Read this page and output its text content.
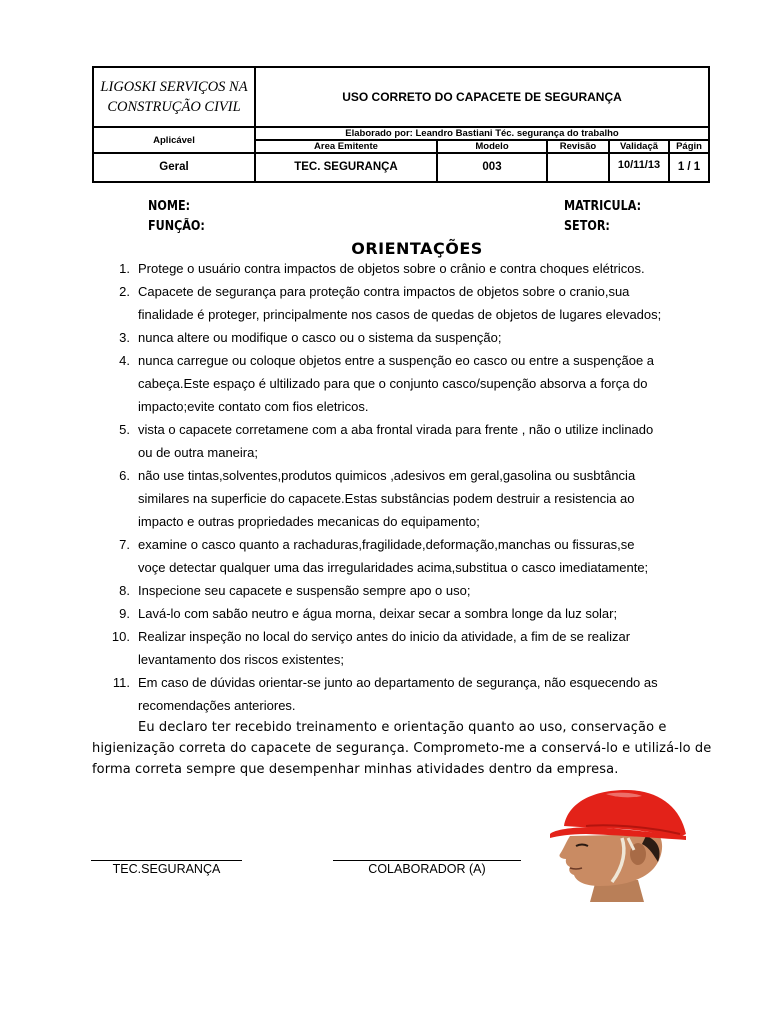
LIGOSKI SERVIÇOS NA CONSTRUÇÃO CIVIL	USO CORRETO DO CAPACETE DE SEGURANÇA				
Aplicável	Elaborado por: Leandro Bastiani Téc. segurança do trabalho				
	Area Emitente	Modelo	Revisão	Validaçã	Págin
Geral	TEC. SEGURANÇA	003		10/11/13	1 / 1
NOME:
FUNÇÃO:
MATRICULA:
SETOR:
ORIENTAÇÕES
1. Protege o usuário contra impactos de objetos sobre o crânio e contra choques elétricos.
2. Capacete de segurança para proteção contra impactos de objetos sobre o cranio,sua
finalidade é proteger, principalmente nos casos de quedas de objetos de lugares elevados;
3. nunca altere ou modifique o casco ou o sistema da suspenção;
4. nunca carregue ou coloque objetos entre a suspenção eo casco ou entre a suspençãoe a
cabeça.Este espaço é ultilizado para que o conjunto casco/supenção absorva a força do
impacto;evite contato com fios eletricos.
5. vista o capacete corretamene com a aba frontal virada para frente , não o utilize inclinado
ou de outra maneira;
6. não use tintas,solventes,produtos quimicos ,adesivos em geral,gasolina ou susbtância
similares na superficie do capacete.Estas substâncias podem destruir a resistencia ao
impacto e outras propriedades mecanicas do equipamento;
7. examine o casco quanto a rachaduras,fragilidade,deformação,manchas ou fissuras,se
voçe detectar qualquer uma das irregularidades acima,substitua o casco imediatamente;
8. Inspecione seu capacete e suspensão sempre apo o uso;
9. Lavá-lo com sabão neutro e água morna, deixar secar a sombra longe da luz solar;
10. Realizar inspeção no local do serviço antes do inicio da atividade, a fim de se realizar
levantamento dos riscos existentes;
11. Em caso de dúvidas orientar-se junto ao departamento de segurança, não esquecendo as
recomendações anteriores.
Eu declaro ter recebido treinamento e orientação quanto ao uso, conservação e
higienização correta do capacete de segurança. Comprometo-me a conservá-lo e utilizá-lo de
forma correta sempre que desempenhar minhas atividades dentro da empresa.
TEC.SEGURANÇA	COLABORADOR (A)
